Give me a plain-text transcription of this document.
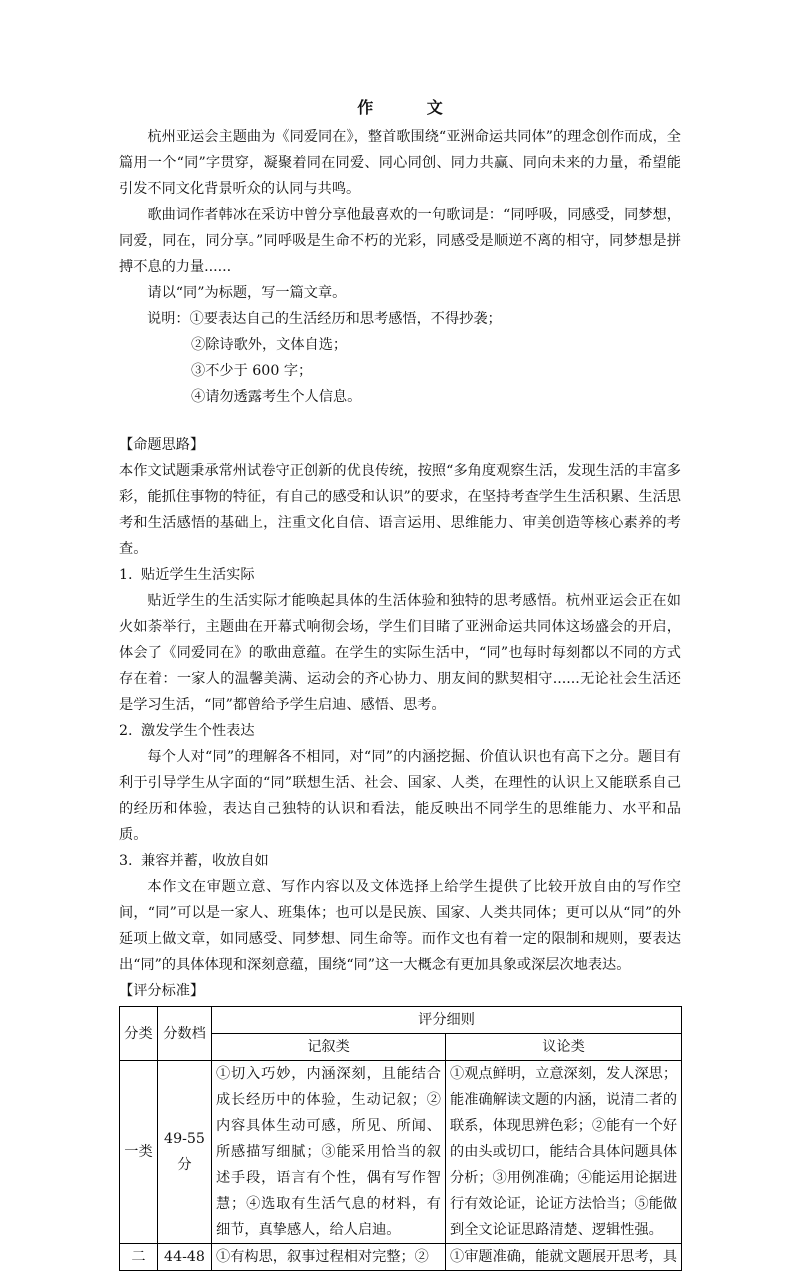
作 文

杭州亚运会主题曲为《同爱同在》，整首歌围绕“亚洲命运共同体”的理念创作而成，全篇用一个“同”字贯穿，凝聚着同在同爱、同心同创、同力共赢、同向未来的力量，希望能引发不同文化背景听众的认同与共鸣。

歌曲词作者韩冰在采访中曾分享他最喜欢的一句歌词是：“同呼吸，同感受，同梦想，同爱，同在，同分享。”同呼吸是生命不朽的光彩，同感受是顺逆不离的相守，同梦想是拼搏不息的力量......

请以“同”为标题，写一篇文章。

说明：①要表达自己的生活经历和思考感悟，不得抄袭；
②除诗歌外，文体自选；
③不少于 600 字；
④请勿透露考生个人信息。
【命题思路】

本作文试题秉承常州试卷守正创新的优良传统，按照“多角度观察生活，发现生活的丰富多彩，能抓住事物的特征，有自己的感受和认识”的要求，在坚持考查学生生活积累、生活思考和生活感悟的基础上，注重文化自信、语言运用、思维能力、审美创造等核心素养的考查。

1. 贴近学生生活实际

贴近学生的生活实际才能唤起具体的生活体验和独特的思考感悟。杭州亚运会正在如火如荼举行，主题曲在开幕式响彻会场，学生们目睹了亚洲命运共同体这场盛会的开启，体会了《同爱同在》的歌曲意蕴。在学生的实际生活中，“同”也每时每刻都以不同的方式存在着：一家人的温馨美满、运动会的齐心协力、朋友间的默契相守......无论社会生活还是学习生活，“同”都曾给予学生启迪、感悟、思考。

2. 激发学生个性表达

每个人对“同”的理解各不相同，对“同”的内涵挖掘、价值认识也有高下之分。题目有利于引导学生从字面的“同”联想生活、社会、国家、人类，在理性的认识上又能联系自己的经历和体验，表达自己独特的认识和看法，能反映出不同学生的思维能力、水平和品质。

3. 兼容并蓄，收放自如

本作文在审题立意、写作内容以及文体选择上给学生提供了比较开放自由的写作空间，“同”可以是一家人、班集体；也可以是民族、国家、人类共同体；更可以从“同”的外延项上做文章，如同感受、同梦想、同生命等。而作文也有着一定的限制和规则，要表达出“同”的具体体现和深刻意蕴，围绕“同”这一大概念有更加具象或深层次地表达。

【评分标准】
分类	分数档	评分细则	
		记叙类	议论类
一类	49-55分	①切入巧妙，内涵深刻，且能结合成长经历中的体验，生动记叙；②内容具体生动可感，所见、所闻、所感描写细腻；③能采用恰当的叙述手段，语言有个性，偶有写作智慧；④选取有生活气息的材料，有细节，真挚感人，给人启迪。	①观点鲜明，立意深刻，发人深思；能准确解读文题的内涵，说清二者的联系，体现思辨色彩；②能有一个好的由头或切口，能结合具体问题具体分析；③用例准确；④能运用论据进行有效论证，论证方法恰当；⑤能做到全文论证思路清楚、逻辑性强。
二	44-48	①有构思，叙事过程相对完整；②	①审题准确，能就文题展开思考，具
